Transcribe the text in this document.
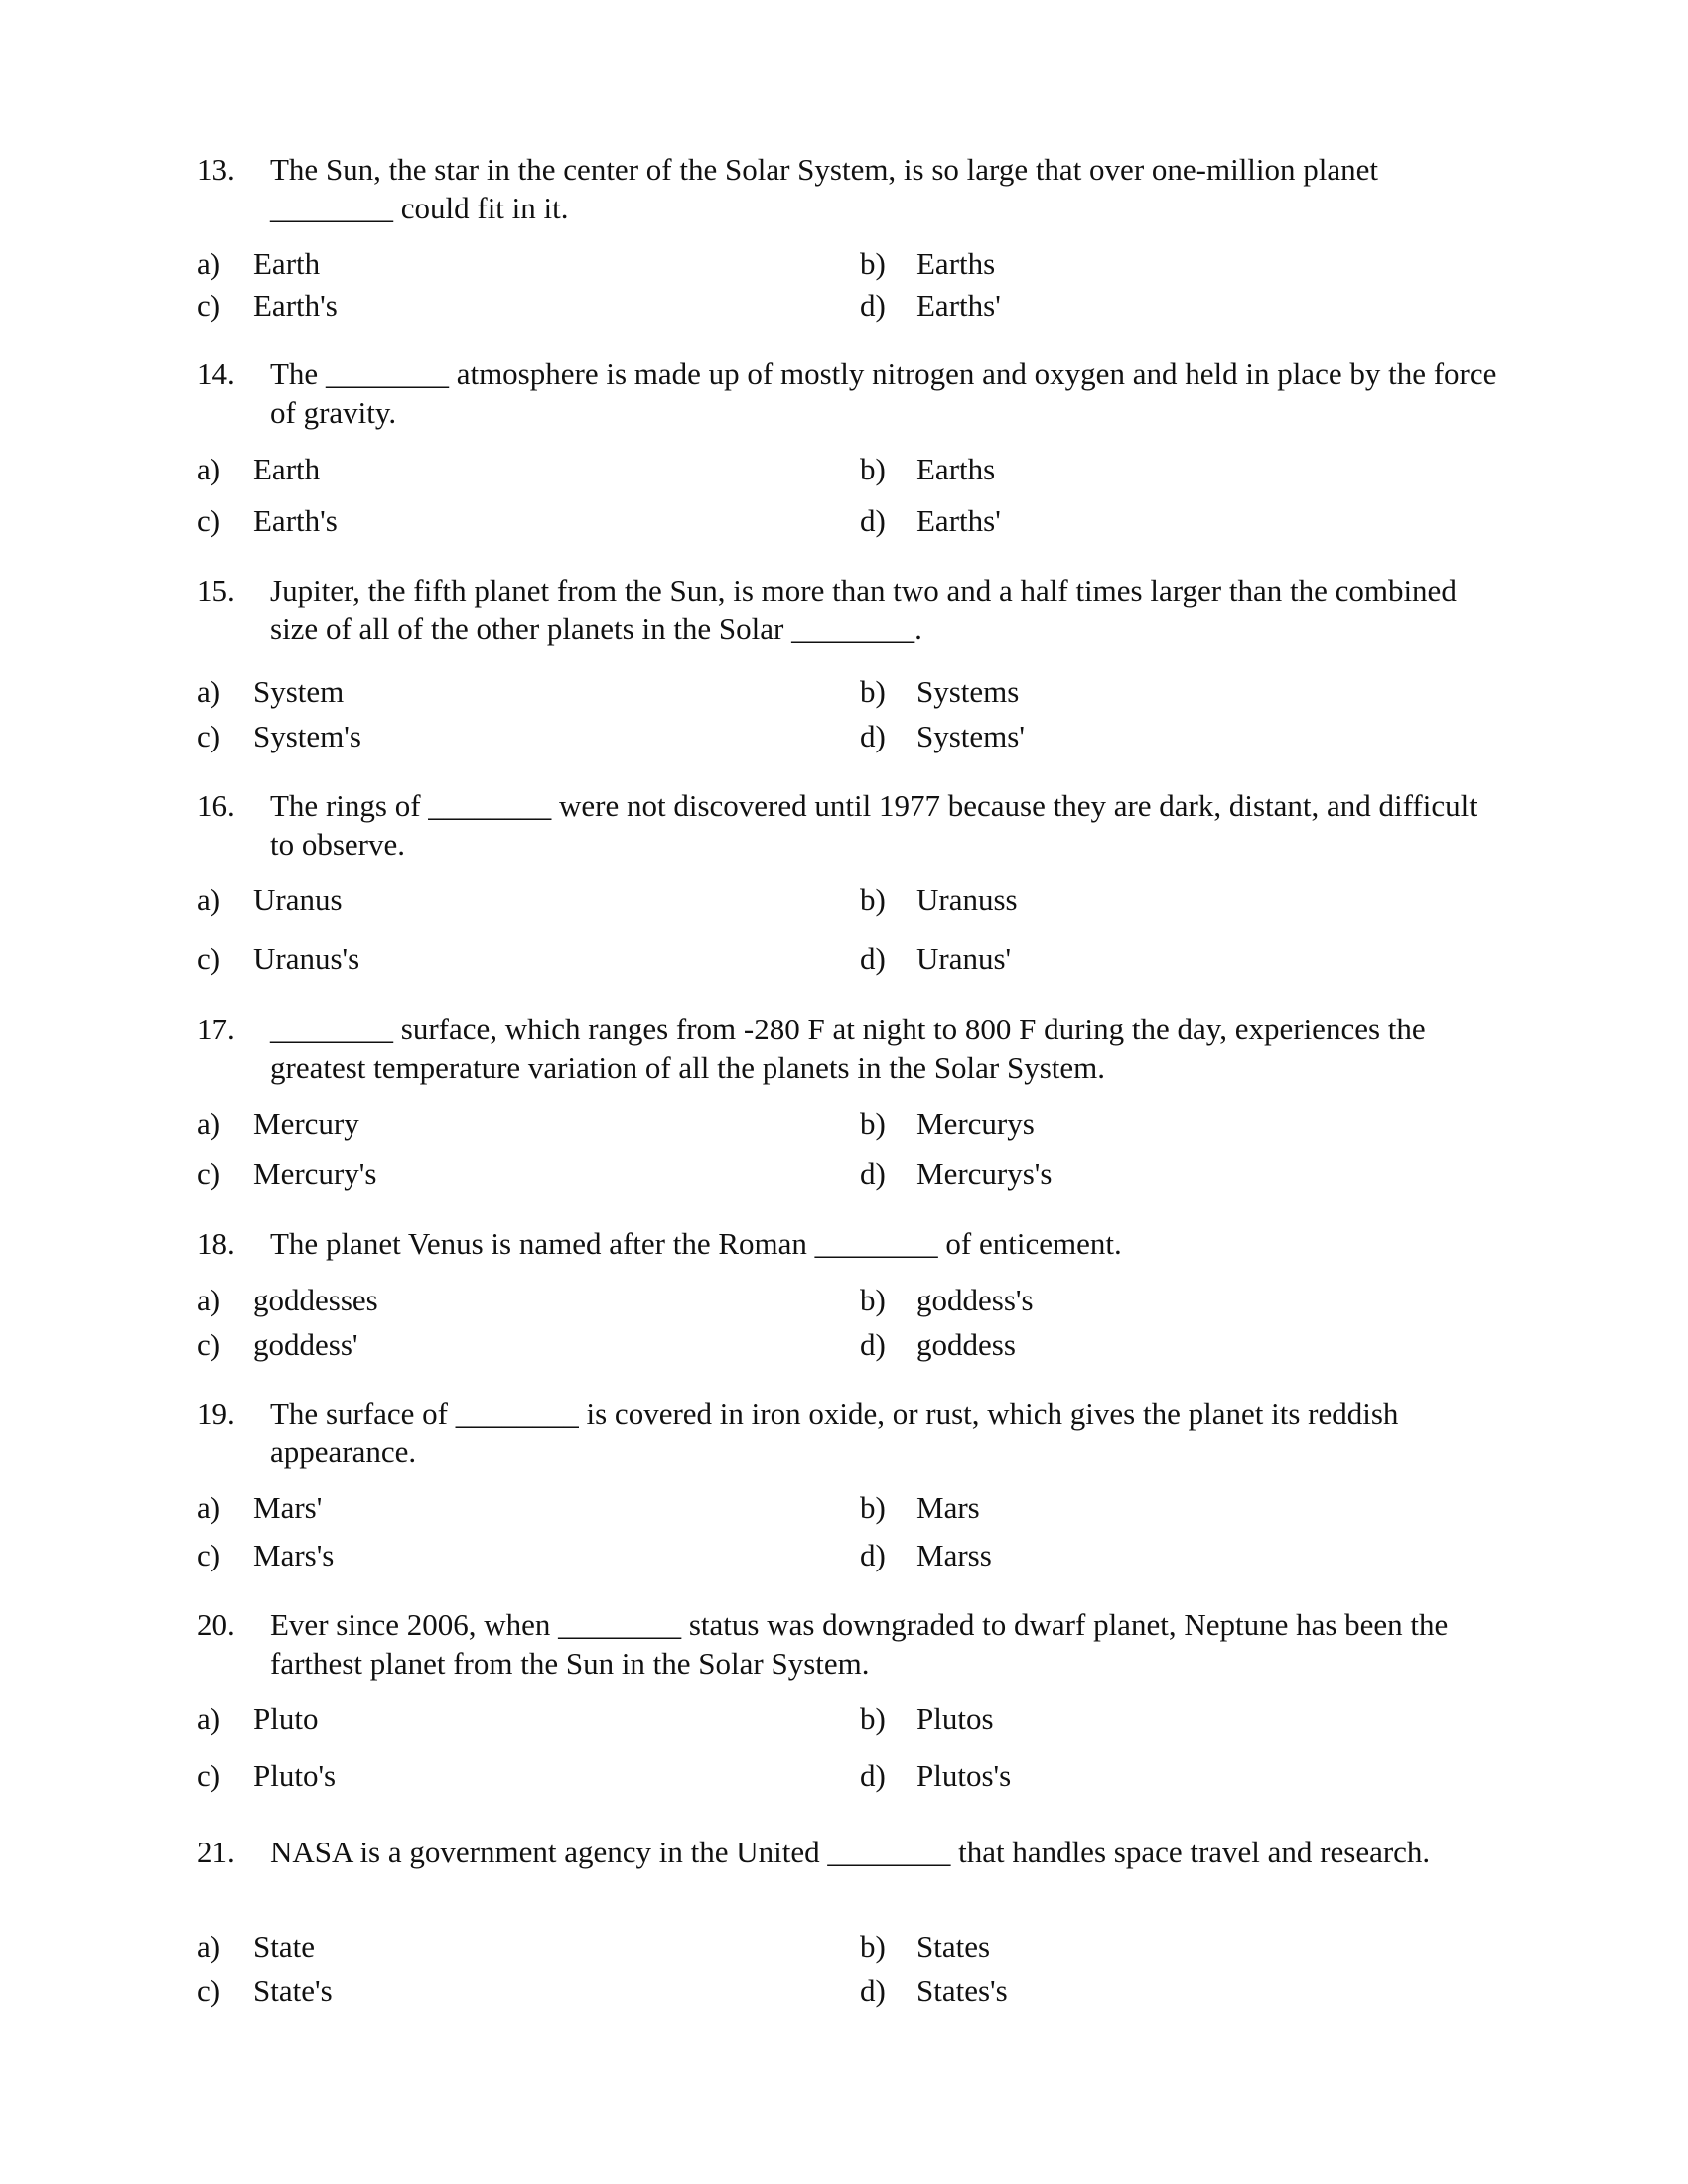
13.	The Sun, the star in the center of the Solar System, is so large that over one-million planet ________ could fit in it.
a) Earth	b) Earths
c) Earth's	d) Earths'
14.	The ________ atmosphere is made up of mostly nitrogen and oxygen and held in place by the force of gravity.
a) Earth	b) Earths
c) Earth's	d) Earths'
15.	Jupiter, the fifth planet from the Sun, is more than two and a half times larger than the combined size of all of the other planets in the Solar ________.
a) System	b) Systems
c) System's	d) Systems'
16.	The rings of ________ were not discovered until 1977 because they are dark, distant, and difficult to observe.
a) Uranus	b) Uranuss
c) Uranus's	d) Uranus'
17.	________ surface, which ranges from -280 F at night to 800 F during the day, experiences the greatest temperature variation of all the planets in the Solar System.
a) Mercury	b) Mercurys
c) Mercury's	d) Mercurys's
18.	The planet Venus is named after the Roman ________ of enticement.
a) goddesses	b) goddess's
c) goddess'	d) goddess
19.	The surface of ________ is covered in iron oxide, or rust, which gives the planet its reddish appearance.
a) Mars'	b) Mars
c) Mars's	d) Marss
20.	Ever since 2006, when ________ status was downgraded to dwarf planet, Neptune has been the farthest planet from the Sun in the Solar System.
a) Pluto	b) Plutos
c) Pluto's	d) Plutos's
21.	NASA is a government agency in the United ________ that handles space travel and research.
a) State	b) States
c) State's	d) States's
